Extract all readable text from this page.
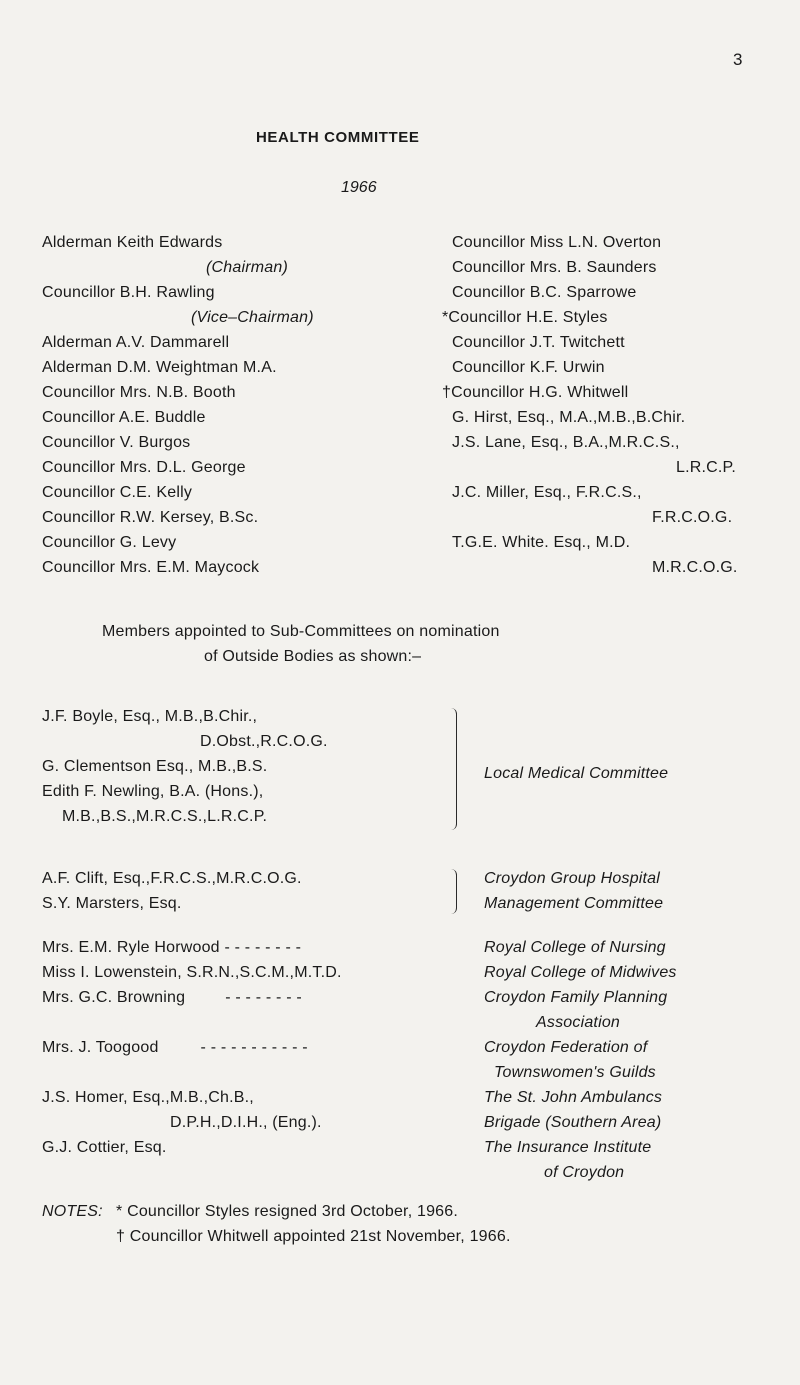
3
HEALTH COMMITTEE
1966
Alderman Keith Edwards
(Chairman)
Councillor B.H. Rawling
(Vice–Chairman)
Alderman A.V. Dammarell
Alderman D.M. Weightman M.A.
Councillor Mrs. N.B. Booth
Councillor A.E. Buddle
Councillor V. Burgos
Councillor Mrs. D.L. George
Councillor C.E. Kelly
Councillor R.W. Kersey, B.Sc.
Councillor G. Levy
Councillor Mrs. E.M. Maycock
Councillor Miss L.N. Overton
Councillor Mrs. B. Saunders
Councillor B.C. Sparrowe
*Councillor H.E. Styles
Councillor J.T. Twitchett
Councillor K.F. Urwin
†Councillor H.G. Whitwell
G. Hirst, Esq., M.A.,M.B.,B.Chir.
J.S. Lane, Esq., B.A.,M.R.C.S.,
L.R.C.P.
J.C. Miller, Esq., F.R.C.S.,
F.R.C.O.G.
T.G.E. White. Esq., M.D.
M.R.C.O.G.
Members appointed to Sub-Committees on nomination
of Outside Bodies as shown:–
J.F. Boyle, Esq., M.B.,B.Chir.,
D.Obst.,R.C.O.G.
G. Clementson Esq., M.B.,B.S.
Edith F. Newling, B.A. (Hons.),
M.B.,B.S.,M.R.C.S.,L.R.C.P.
Local Medical Committee
A.F. Clift, Esq.,F.R.C.S.,M.R.C.O.G.
S.Y. Marsters, Esq.
Croydon Group Hospital
Management Committee
Mrs. E.M. Ryle Horwood - - - - - - - -
Miss I. Lowenstein, S.R.N.,S.C.M.,M.T.D.
Mrs. G.C. Browning	- - - - - - - -

Mrs. J. Toogood	- - - - - - - - - - -

J.S. Homer, Esq.,M.B.,Ch.B.,
D.P.H.,D.I.H., (Eng.).
G.J. Cottier, Esq.
Royal College of Nursing
Royal College of Midwives
Croydon Family Planning
Association
Croydon Federation of
Townswomen's Guilds
The St. John Ambulancs
Brigade (Southern Area)
The Insurance Institute
of Croydon
NOTES: * Councillor Styles resigned 3rd October, 1966.
† Councillor Whitwell appointed 21st November, 1966.
